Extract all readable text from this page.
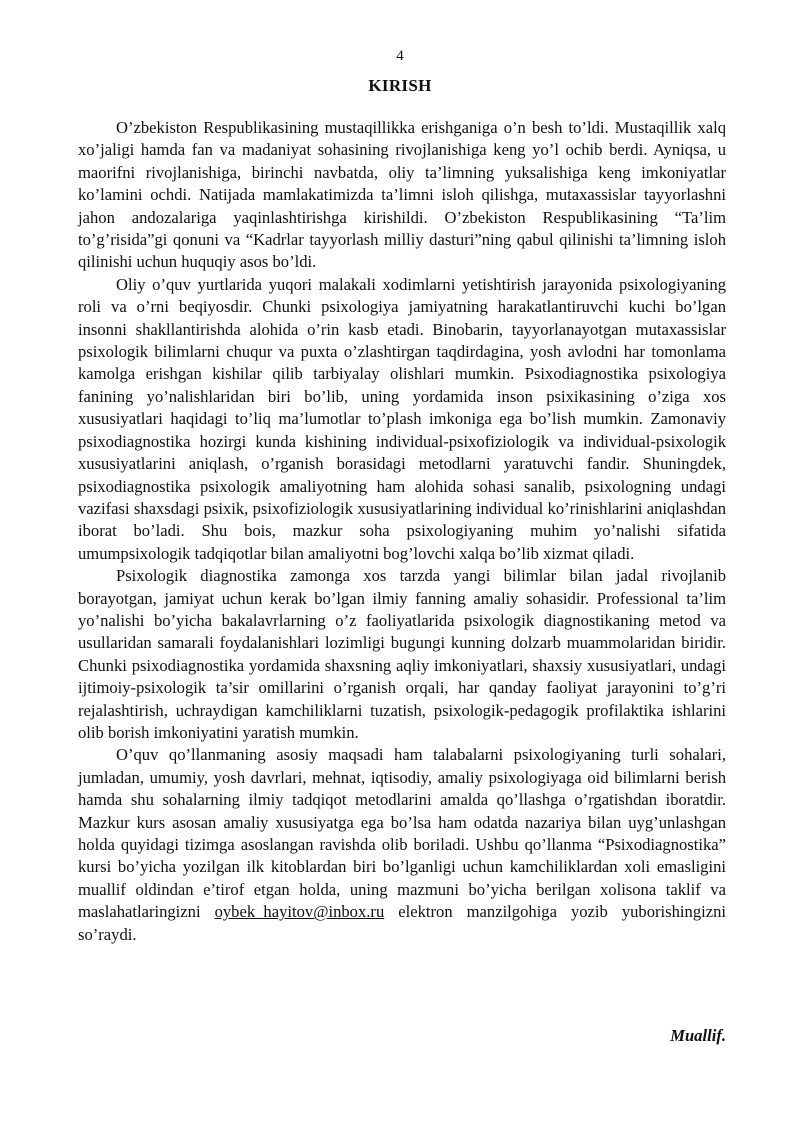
4
KIRISH

O’zbekiston Respublikasining mustaqillikka erishganiga o’n besh to’ldi. Mustaqillik xalq xo’jaligi hamda fan va madaniyat sohasining rivojlanishiga keng yo’l ochib berdi. Ayniqsa, u maorifni rivojlanishiga, birinchi navbatda, oliy ta’limning yuksalishiga keng imkoniyatlar ko’lamini ochdi. Natijada mamlakatimizda ta’limni isloh qilishga, mutaxassislar tayyorlashni jahon andozalariga yaqinlashtirishga kirishildi. O’zbekiston Respublikasining “Ta’lim to’g’risida”gi qonuni va “Kadrlar tayyorlash milliy dasturi”ning qabul qilinishi ta’limning isloh qilinishi uchun huquqiy asos bo’ldi.

Oliy o’quv yurtlarida yuqori malakali xodimlarni yetishtirish jarayonida psixologiyaning roli va o’rni beqiyosdir. Chunki psixologiya jamiyatning harakatlantiruvchi kuchi bo’lgan insonni shakllantirishda alohida o’rin kasb etadi. Binobarin, tayyorlanayotgan mutaxassislar psixologik bilimlarni chuqur va puxta o’zlashtirgan taqdirdagina, yosh avlodni har tomonlama kamolga erishgan kishilar qilib tarbiyalay olishlari mumkin. Psixodiagnostika psixologiya fanining yo’nalishlaridan biri bo’lib, uning yordamida inson psixikasining o’ziga xos xususiyatlari haqidagi to’liq ma’lumotlar to’plash imkoniga ega bo’lish mumkin. Zamonaviy psixodiagnostika hozirgi kunda kishining individual-psixofiziologik va individual-psixologik xususiyatlarini aniqlash, o’rganish borasidagi metodlarni yaratuvchi fandir. Shuningdek, psixodiagnostika psixologik amaliyotning ham alohida sohasi sanalib, psixologning undagi vazifasi shaxsdagi psixik, psixofiziologik xususiyatlarining individual ko’rinishlarini aniqlashdan iborat bo’ladi. Shu bois, mazkur soha psixologiyaning muhim yo’nalishi sifatida umumpsixologik tadqiqotlar bilan amaliyotni bog’lovchi xalqa bo’lib xizmat qiladi.

Psixologik diagnostika zamonga xos tarzda yangi bilimlar bilan jadal rivojlanib borayotgan, jamiyat uchun kerak bo’lgan ilmiy fanning amaliy sohasidir. Professional ta’lim yo’nalishi bo’yicha bakalavrlarning o’z faoliyatlarida psixologik diagnostikaning metod va usullaridan samarali foydalanishlari lozimligi bugungi kunning dolzarb muammolaridan biridir. Chunki psixodiagnostika yordamida shaxsning aqliy imkoniyatlari, shaxsiy xususiyatlari, undagi ijtimoiy-psixologik ta’sir omillarini o’rganish orqali, har qanday faoliyat jarayonini to’g’ri rejalashtirish, uchraydigan kamchiliklarni tuzatish, psixologik-pedagogik profilaktika ishlarini olib borish imkoniyatini yaratish mumkin.

O’quv qo’llanmaning asosiy maqsadi ham talabalarni psixologiyaning turli sohalari, jumladan, umumiy, yosh davrlari, mehnat, iqtisodiy, amaliy psixologiyaga oid bilimlarni berish hamda shu sohalarning ilmiy tadqiqot metodlarini amalda qo’llashga o’rgatishdan iboratdir. Mazkur kurs asosan amaliy xususiyatga ega bo’lsa ham odatda nazariya bilan uyg’unlashgan holda quyidagi tizimga asoslangan ravishda olib boriladi. Ushbu qo’llanma “Psixodiagnostika” kursi bo’yicha yozilgan ilk kitoblardan biri bo’lganligi uchun kamchiliklardan xoli emasligini muallif oldindan e’tirof etgan holda, uning mazmuni bo’yicha berilgan xolisona taklif va maslahatlaringizni oybek_hayitov@inbox.ru elektron manzilgohiga yozib yuborishingizni so’raydi.

Muallif.
